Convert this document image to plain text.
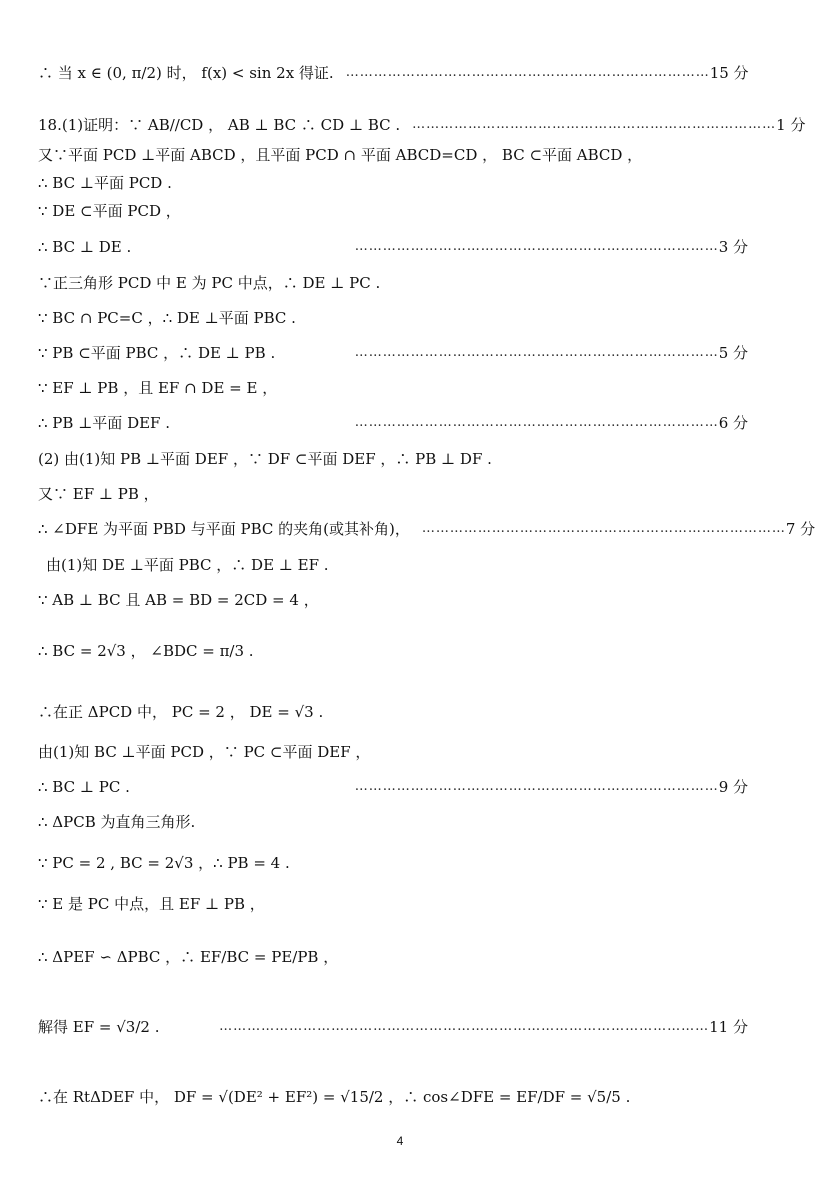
∴ 当 x ∈ (0, π/2) 时， f(x) < sin 2x 得证. …………………………………………………………………… 15 分
18.(1)证明：∵ AB//CD ， AB ⊥ BC ∴ CD ⊥ BC . …………………………………………………………………… 1 分
又∵平面 PCD ⊥平面 ABCD ，且平面 PCD ∩ 平面 ABCD=CD ， BC ⊂平面 ABCD ，
∴ BC ⊥平面 PCD .
∵ DE ⊂平面 PCD ，
∴ BC ⊥ DE .	…………………………………………………………………… 3 分
∵正三角形 PCD 中 E 为 PC 中点，∴ DE ⊥ PC .
∵ BC ∩ PC=C ，∴ DE ⊥平面 PBC .
∵ PB ⊂平面 PBC ，∴ DE ⊥ PB .	…………………………………………………………………… 5 分
∵ EF ⊥ PB ，且 EF ∩ DE = E ，
∴ PB ⊥平面 DEF .	…………………………………………………………………… 6 分
(2) 由(1)知 PB ⊥平面 DEF ，∵ DF ⊂平面 DEF ，∴ PB ⊥ DF .
又∵ EF ⊥ PB ，
∴ ∠DFE 为平面 PBD 与平面 PBC 的夹角(或其补角)， …………………………………………………………………… 7 分
由(1)知 DE ⊥平面 PBC ，∴ DE ⊥ EF .
∵ AB ⊥ BC 且 AB = BD = 2CD = 4 ，
∴ BC = 2√3 ， ∠BDC = π/3 .
∴在正 ΔPCD 中， PC = 2 ， DE = √3 .
由(1)知 BC ⊥平面 PCD ，∵ PC ⊂平面 DEF ，
∴ BC ⊥ PC .	…………………………………………………………………… 9 分
∴ ΔPCB 为直角三角形.
∵ PC = 2 , BC = 2√3 ，∴ PB = 4 .
∵ E 是 PC 中点，且 EF ⊥ PB ，
∴ ΔPEF ∽ ΔPBC ，∴ EF/BC = PE/PB ，
解得 EF = √3/2 .	…………………………………………………………………………………………… 11 分
∴在 RtΔDEF 中， DF = √(DE² + EF²) = √15/2 ，∴ cos∠DFE = EF/DF = √5/5 .
4
